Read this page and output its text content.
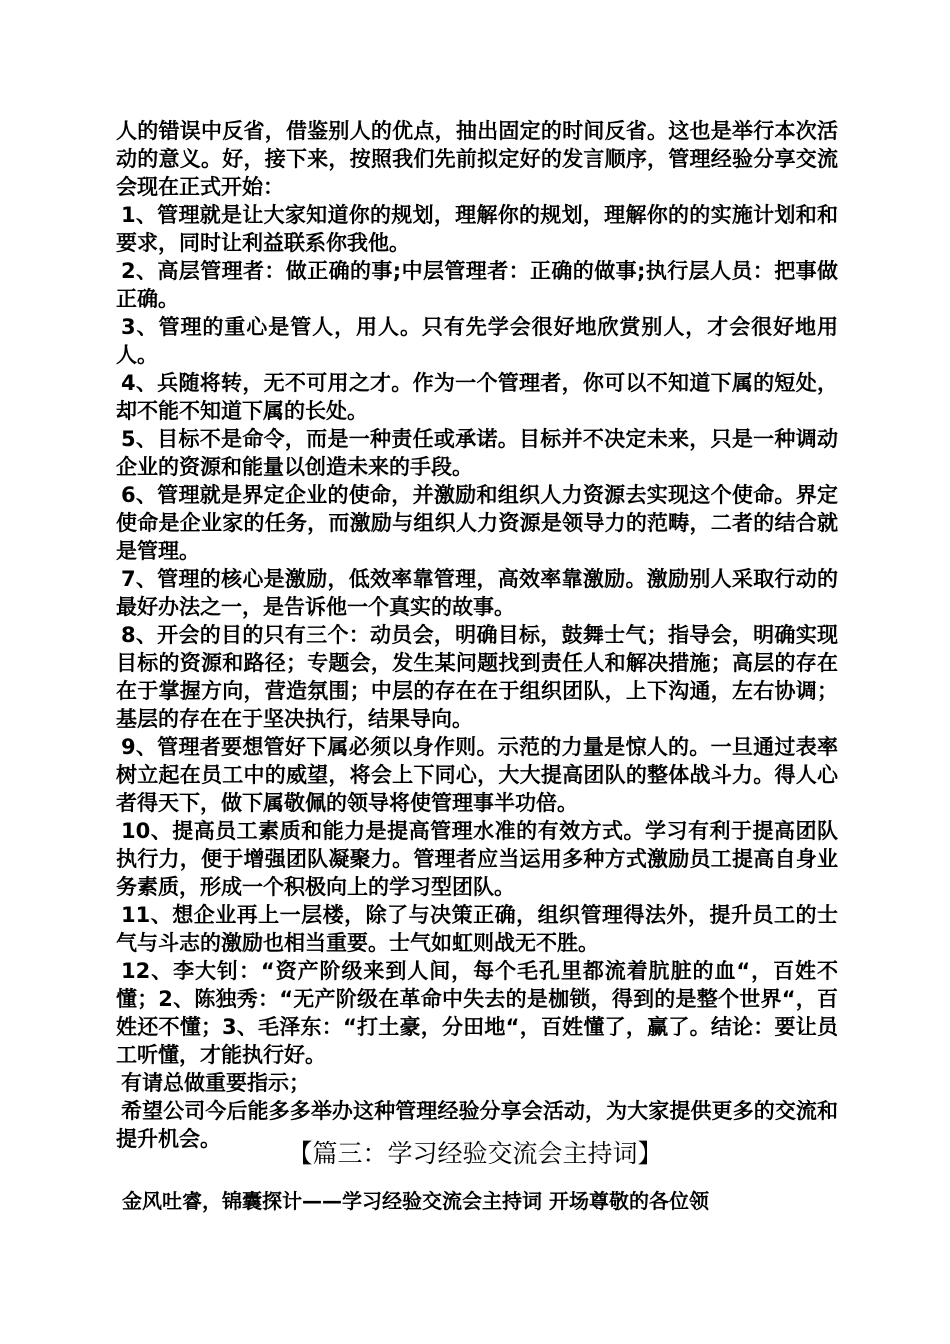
人的错误中反省，借鉴别人的优点，抽出固定的时间反省。这也是举行本次活动的意义。好，接下来，按照我们先前拟定好的发言顺序，管理经验分享交流会现在正式开始：

1、管理就是让大家知道你的规划，理解你的规划，理解你的的实施计划和和要求，同时让利益联系你我他。

2、高层管理者：做正确的事;中层管理者：正确的做事;执行层人员：把事做正确。

3、管理的重心是管人，用人。只有先学会很好地欣赏别人，才会很好地用人。

4、兵随将转，无不可用之才。作为一个管理者，你可以不知道下属的短处，却不能不知道下属的长处。

5、目标不是命令，而是一种责任或承诺。目标并不决定未来，只是一种调动企业的资源和能量以创造未来的手段。

6、管理就是界定企业的使命，并激励和组织人力资源去实现这个使命。界定使命是企业家的任务，而激励与组织人力资源是领导力的范畴，二者的结合就是管理。

7、管理的核心是激励，低效率靠管理，高效率靠激励。激励别人采取行动的最好办法之一，是告诉他一个真实的故事。

8、开会的目的只有三个：动员会，明确目标，鼓舞士气；指导会，明确实现目标的资源和路径；专题会，发生某问题找到责任人和解决措施；高层的存在在于掌握方向，营造氛围；中层的存在在于组织团队，上下沟通，左右协调；基层的存在在于坚决执行，结果导向。

9、管理者要想管好下属必须以身作则。示范的力量是惊人的。一旦通过表率树立起在员工中的威望，将会上下同心，大大提高团队的整体战斗力。得人心者得天下，做下属敬佩的领导将使管理事半功倍。

10、提高员工素质和能力是提高管理水准的有效方式。学习有利于提高团队执行力，便于增强团队凝聚力。管理者应当运用多种方式激励员工提高自身业务素质，形成一个积极向上的学习型团队。

11、想企业再上一层楼，除了与决策正确，组织管理得法外，提升员工的士气与斗志的激励也相当重要。士气如虹则战无不胜。

12、李大钊：“资产阶级来到人间，每个毛孔里都流着肮脏的血“，百姓不懂；2、陈独秀：“无产阶级在革命中失去的是枷锁，得到的是整个世界“，百姓还不懂；3、毛泽东：“打土豪，分田地“，百姓懂了，赢了。结论：要让员工听懂，才能执行好。

有请总做重要指示；

希望公司今后能多多举办这种管理经验分享会活动，为大家提供更多的交流和提升机会。	【篇三：学习经验交流会主持词】
金风吐睿，锦囊探计——学习经验交流会主持词 开场尊敬的各位领
